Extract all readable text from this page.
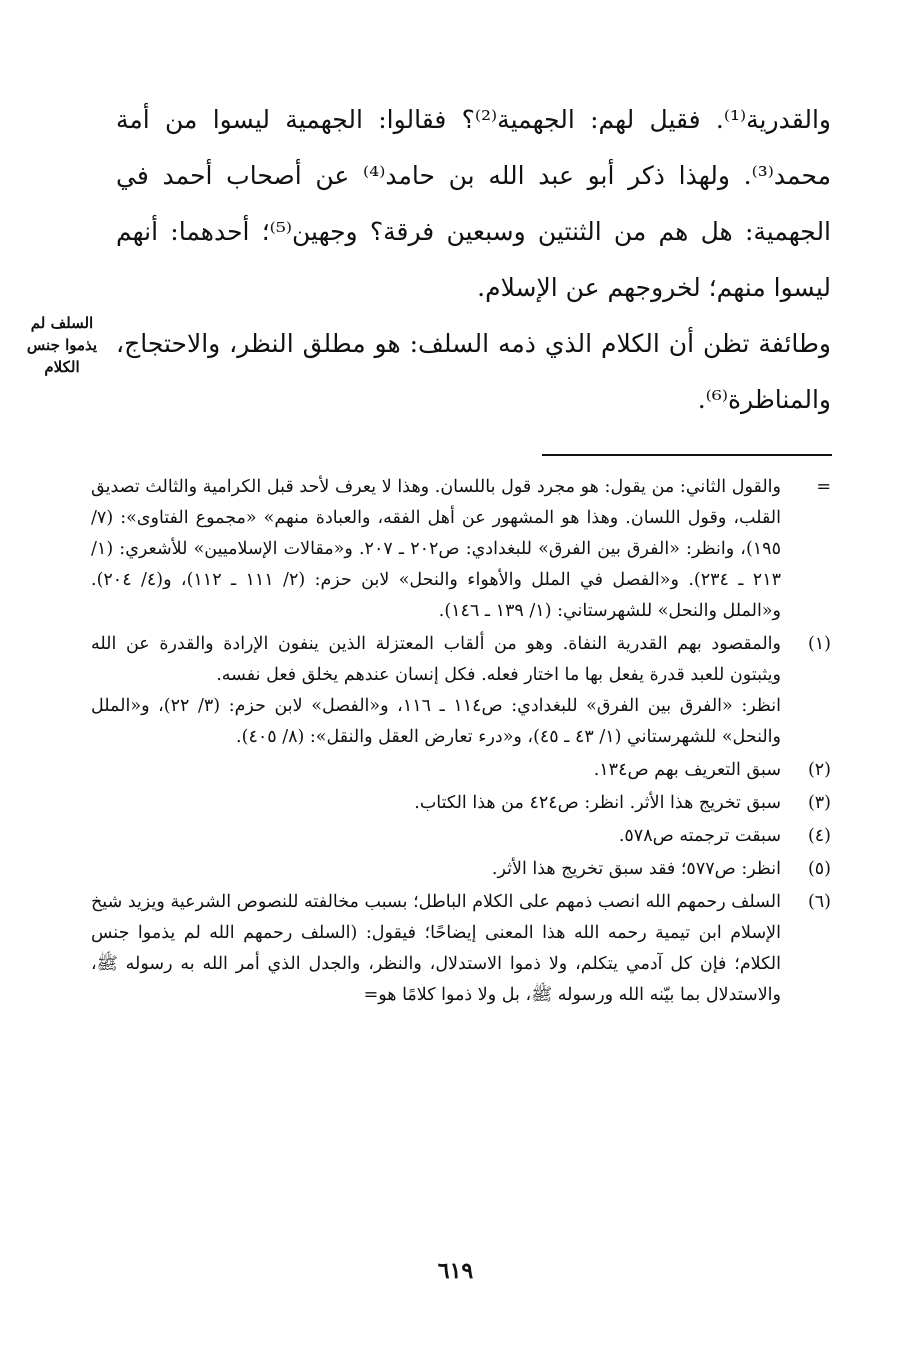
والقدرية⁽¹⁾. فقيل لهم: الجهمية⁽²⁾؟ فقالوا: الجهمية ليسوا من أمة محمد⁽³⁾. ولهذا ذكر أبو عبد الله بن حامد⁽⁴⁾ عن أصحاب أحمد في الجهمية: هل هم من الثنتين وسبعين فرقة؟ وجهين⁽⁵⁾؛ أحدهما: أنهم ليسوا منهم؛ لخروجهم عن الإسلام.

وطائفة تظن أن الكلام الذي ذمه السلف: هو مطلق النظر، والاحتجاج، والمناظرة⁽⁶⁾.

السلف لم يذموا جنس الكلام
=

والقول الثاني: من يقول: هو مجرد قول باللسان. وهذا لا يعرف لأحد قبل الكرامية والثالث تصديق القلب، وقول اللسان. وهذا هو المشهور عن أهل الفقه، والعبادة منهم» «مجموع الفتاوى»: (٧/ ١٩٥)، وانظر: «الفرق بين الفرق» للبغدادي: ص٢٠٢ ـ ٢٠٧. و«مقالات الإسلاميين» للأشعري: (١/ ٢١٣ ـ ٢٣٤). و«الفصل في الملل والأهواء والنحل» لابن حزم: (٢/ ١١١ ـ ١١٢)، و(٤/ ٢٠٤). و«الملل والنحل» للشهرستاني: (١/ ١٣٩ ـ ١٤٦).

(١)

والمقصود بهم القدرية النفاة. وهو من ألقاب المعتزلة الذين ينفون الإرادة والقدرة عن الله ويثبتون للعبد قدرة يفعل بها ما اختار فعله. فكل إنسان عندهم يخلق فعل نفسه.

انظر: «الفرق بين الفرق» للبغدادي: ص١١٤ ـ ١١٦، و«الفصل» لابن حزم: (٣/ ٢٢)، و«الملل والنحل» للشهرستاني (١/ ٤٣ ـ ٤٥)، و«درء تعارض العقل والنقل»: (٨/ ٤٠٥).

(٢)

سبق التعريف بهم ص١٣٤.

(٣)

سبق تخريج هذا الأثر. انظر: ص٤٢٤ من هذا الكتاب.

(٤)

سبقت ترجمته ص٥٧٨.

(٥)

انظر: ص٥٧٧؛ فقد سبق تخريج هذا الأثر.

(٦)

السلف رحمهم الله انصب ذمهم على الكلام الباطل؛ بسبب مخالفته للنصوص الشرعية ويزيد شيخ الإسلام ابن تيمية رحمه الله هذا المعنى إيضاحًا؛ فيقول: (السلف رحمهم الله لم يذموا جنس الكلام؛ فإن كل آدمي يتكلم، ولا ذموا الاستدلال، والنظر، والجدل الذي أمر الله به رسوله ﷺ، والاستدلال بما بيّنه الله ورسوله ﷺ، بل ولا ذموا كلامًا هو=

٦١٩
